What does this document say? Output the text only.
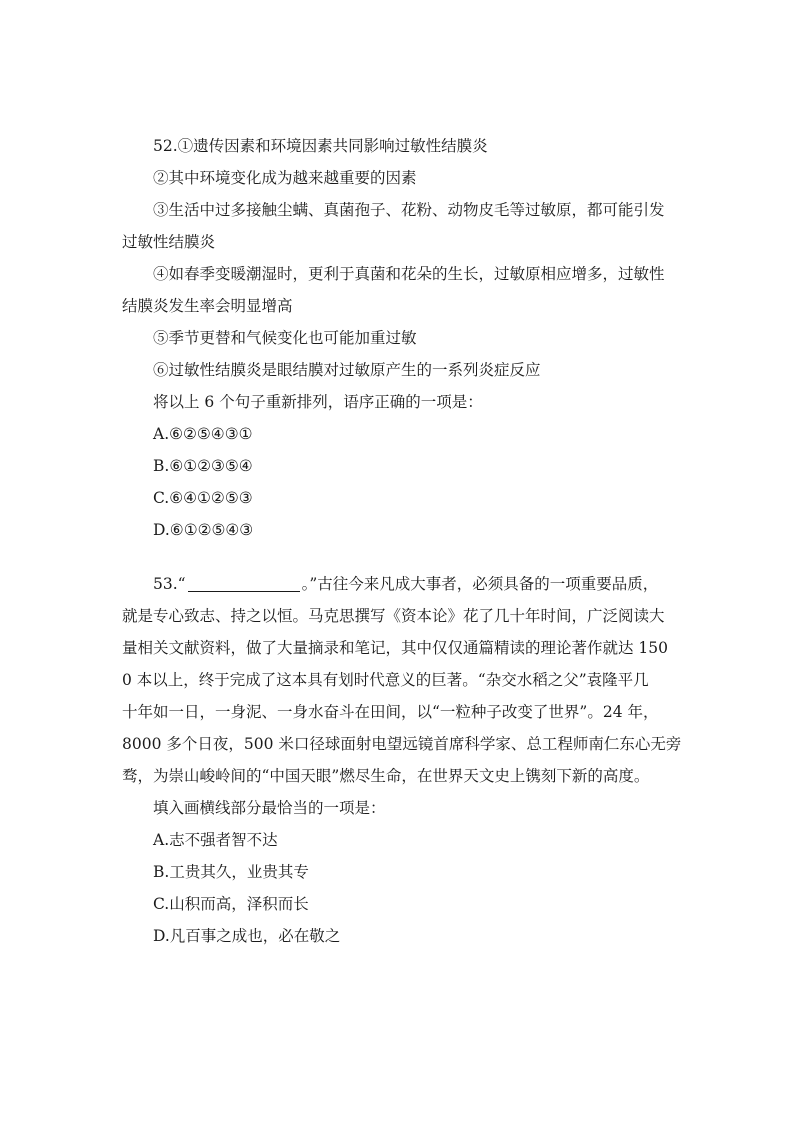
52.①遗传因素和环境因素共同影响过敏性结膜炎

②其中环境变化成为越来越重要的因素

③生活中过多接触尘螨、真菌孢子、花粉、动物皮毛等过敏原，都可能引发

过敏性结膜炎

④如春季变暖潮湿时，更利于真菌和花朵的生长，过敏原相应增多，过敏性

结膜炎发生率会明显增高

⑤季节更替和气候变化也可能加重过敏

⑥过敏性结膜炎是眼结膜对过敏原产生的一系列炎症反应

将以上 6 个句子重新排列，语序正确的一项是：

A.⑥②⑤④③①

B.⑥①②③⑤④

C.⑥④①②⑤③

D.⑥①②⑤④③

53.“	。”古往今来凡成大事者，必须具备的一项重要品质，

就是专心致志、持之以恒。马克思撰写《资本论》花了几十年时间，广泛阅读大

量相关文献资料，做了大量摘录和笔记，其中仅仅通篇精读的理论著作就达 150

0 本以上，终于完成了这本具有划时代意义的巨著。“杂交水稻之父”袁隆平几

十年如一日，一身泥、一身水奋斗在田间，以“一粒种子改变了世界”。24 年，

8000 多个日夜，500 米口径球面射电望远镜首席科学家、总工程师南仁东心无旁

骛，为崇山峻岭间的“中国天眼”燃尽生命，在世界天文史上镌刻下新的高度。

填入画横线部分最恰当的一项是：

A.志不强者智不达

B.工贵其久，业贵其专

C.山积而高，泽积而长

D.凡百事之成也，必在敬之
